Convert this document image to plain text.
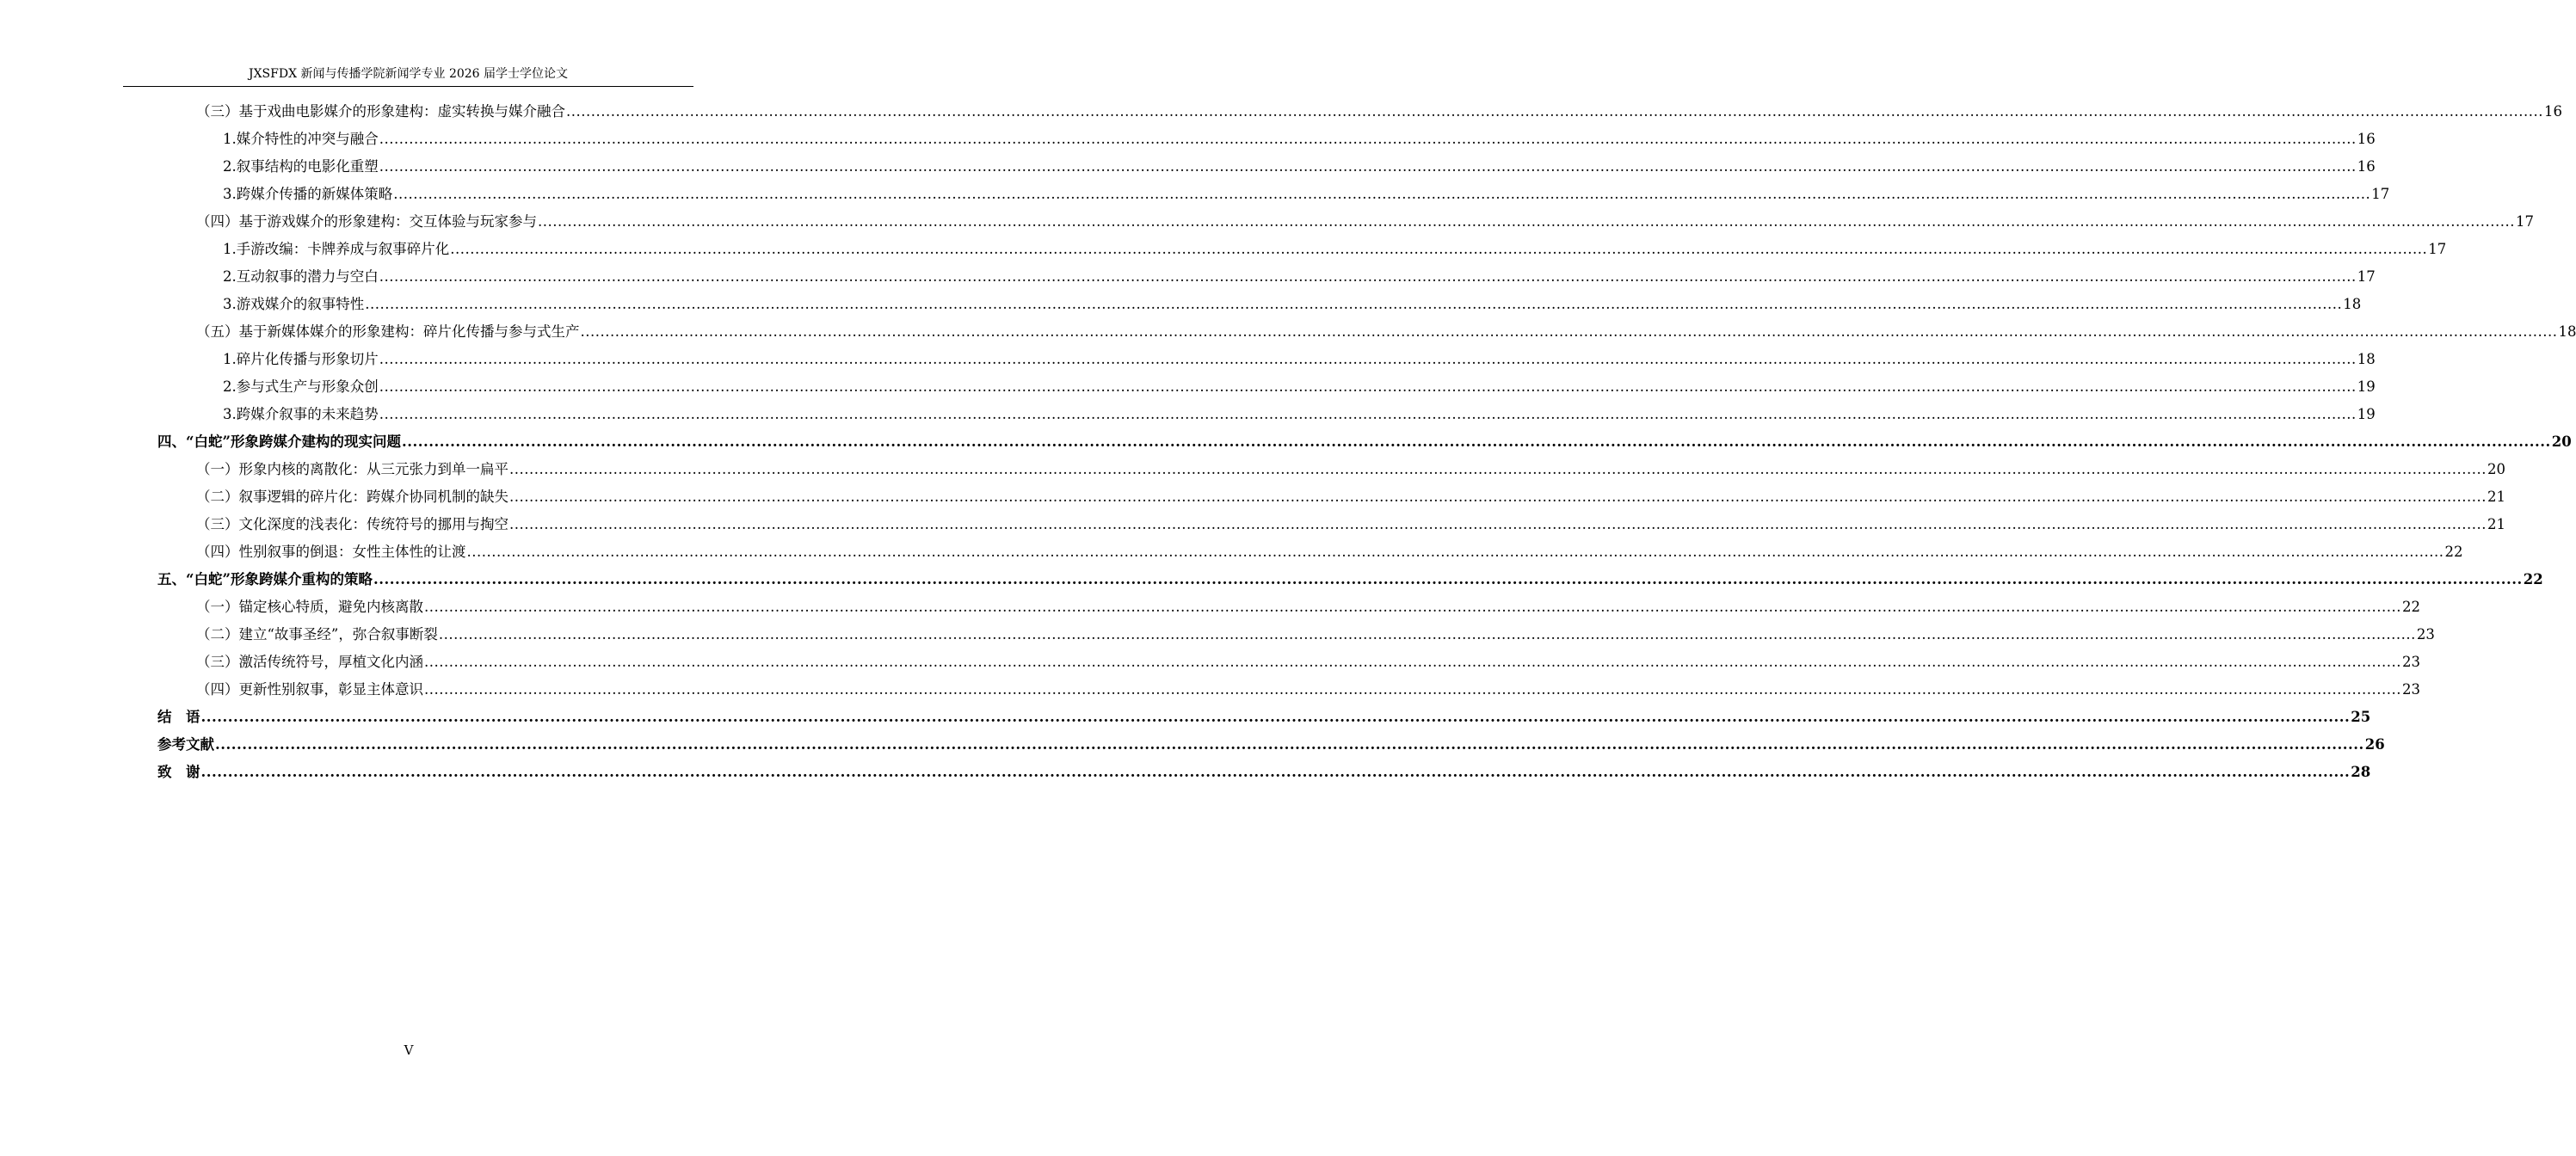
JXSFDX 新闻与传播学院新闻学专业 2026 届学士学位论文
（三）基于戏曲电影媒介的形象建构：虚实转换与媒介融合 ................................................................................................................................................................................................................................................................................................................................................................................................................ 16
1.媒介特性的冲突与融合 ................................................................................................................................................................................................................................................................................................................................................................................................................ 16
2.叙事结构的电影化重塑 ................................................................................................................................................................................................................................................................................................................................................................................................................ 16
3.跨媒介传播的新媒体策略 ................................................................................................................................................................................................................................................................................................................................................................................................................ 17
（四）基于游戏媒介的形象建构：交互体验与玩家参与 ................................................................................................................................................................................................................................................................................................................................................................................................................ 17
1.手游改编：卡牌养成与叙事碎片化 ................................................................................................................................................................................................................................................................................................................................................................................................................ 17
2.互动叙事的潜力与空白 ................................................................................................................................................................................................................................................................................................................................................................................................................ 17
3.游戏媒介的叙事特性 ................................................................................................................................................................................................................................................................................................................................................................................................................ 18
（五）基于新媒体媒介的形象建构：碎片化传播与参与式生产 ................................................................................................................................................................................................................................................................................................................................................................................................................ 18
1.碎片化传播与形象切片 ................................................................................................................................................................................................................................................................................................................................................................................................................ 18
2.参与式生产与形象众创 ................................................................................................................................................................................................................................................................................................................................................................................................................ 19
3.跨媒介叙事的未来趋势 ................................................................................................................................................................................................................................................................................................................................................................................................................ 19
四、“白蛇”形象跨媒介建构的现实问题 ................................................................................................................................................................................................................................................................................................................................................................................................................ 20
（一）形象内核的离散化：从三元张力到单一扁平 ................................................................................................................................................................................................................................................................................................................................................................................................................ 20
（二）叙事逻辑的碎片化：跨媒介协同机制的缺失 ................................................................................................................................................................................................................................................................................................................................................................................................................ 21
（三）文化深度的浅表化：传统符号的挪用与掏空 ................................................................................................................................................................................................................................................................................................................................................................................................................ 21
（四）性别叙事的倒退：女性主体性的让渡 ................................................................................................................................................................................................................................................................................................................................................................................................................ 22
五、“白蛇”形象跨媒介重构的策略 ................................................................................................................................................................................................................................................................................................................................................................................................................ 22
（一）锚定核心特质，避免内核离散 ................................................................................................................................................................................................................................................................................................................................................................................................................ 22
（二）建立“故事圣经”，弥合叙事断裂 ................................................................................................................................................................................................................................................................................................................................................................................................................ 23
（三）激活传统符号，厚植文化内涵 ................................................................................................................................................................................................................................................................................................................................................................................................................ 23
（四）更新性别叙事，彰显主体意识 ................................................................................................................................................................................................................................................................................................................................................................................................................ 23
结　语 ................................................................................................................................................................................................................................................................................................................................................................................................................ 25
参考文献 ................................................................................................................................................................................................................................................................................................................................................................................................................ 26
致　谢 ................................................................................................................................................................................................................................................................................................................................................................................................................ 28
V
